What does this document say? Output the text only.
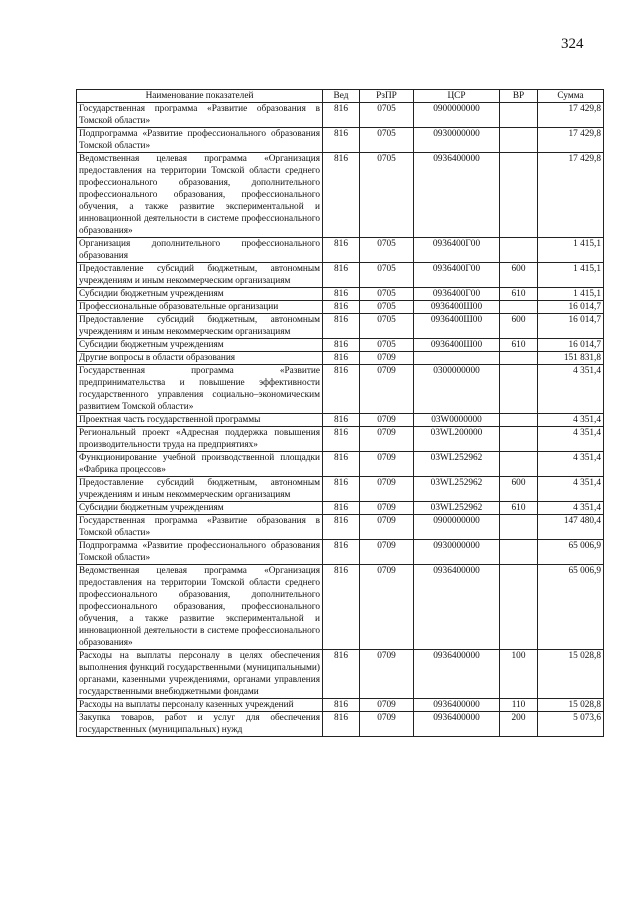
324
Наименование показателей	Вед	РзПР	ЦСР	ВР	Сумма
Государственная программа «Развитие образования в Томской области»	816	0705	0900000000		17 429,8
Подпрограмма «Развитие профессионального образования Томской области»	816	0705	0930000000		17 429,8
Ведомственная целевая программа «Организация предоставления на территории Томской области среднего профессионального образования, дополнительного профессионального образования, профессионального обучения, а также развитие экспериментальной и инновационной деятельности в системе профессионального образования»	816	0705	0936400000		17 429,8
Организация дополнительного профессионального образования	816	0705	0936400Г00		1 415,1
Предоставление субсидий бюджетным, автономным учреждениям и иным некоммерческим организациям	816	0705	0936400Г00	600	1 415,1
Субсидии бюджетным учреждениям	816	0705	0936400Г00	610	1 415,1
Профессиональные образовательные организации	816	0705	0936400Ш00		16 014,7
Предоставление субсидий бюджетным, автономным учреждениям и иным некоммерческим организациям	816	0705	0936400Ш00	600	16 014,7
Субсидии бюджетным учреждениям	816	0705	0936400Ш00	610	16 014,7
Другие вопросы в области образования	816	0709			151 831,8
Государственная программа «Развитие предпринимательства и повышение эффективности государственного управления социально–экономическим развитием Томской области»	816	0709	0300000000		4 351,4
Проектная часть государственной программы	816	0709	03W0000000		4 351,4
Региональный проект «Адресная поддержка повышения производительности труда на предприятиях»	816	0709	03WL200000		4 351,4
Функционирование учебной производственной площадки «Фабрика процессов»	816	0709	03WL252962		4 351,4
Предоставление субсидий бюджетным, автономным учреждениям и иным некоммерческим организациям	816	0709	03WL252962	600	4 351,4
Субсидии бюджетным учреждениям	816	0709	03WL252962	610	4 351,4
Государственная программа «Развитие образования в Томской области»	816	0709	0900000000		147 480,4
Подпрограмма «Развитие профессионального образования Томской области»	816	0709	0930000000		65 006,9
Ведомственная целевая программа «Организация предоставления на территории Томской области среднего профессионального образования, дополнительного профессионального образования, профессионального обучения, а также развитие экспериментальной и инновационной деятельности в системе профессионального образования»	816	0709	0936400000		65 006,9
Расходы на выплаты персоналу в целях обеспечения выполнения функций государственными (муниципальными) органами, казенными учреждениями, органами управления государственными внебюджетными фондами	816	0709	0936400000	100	15 028,8
Расходы на выплаты персоналу казенных учреждений	816	0709	0936400000	110	15 028,8
Закупка товаров, работ и услуг для обеспечения государственных (муниципальных) нужд	816	0709	0936400000	200	5 073,6
